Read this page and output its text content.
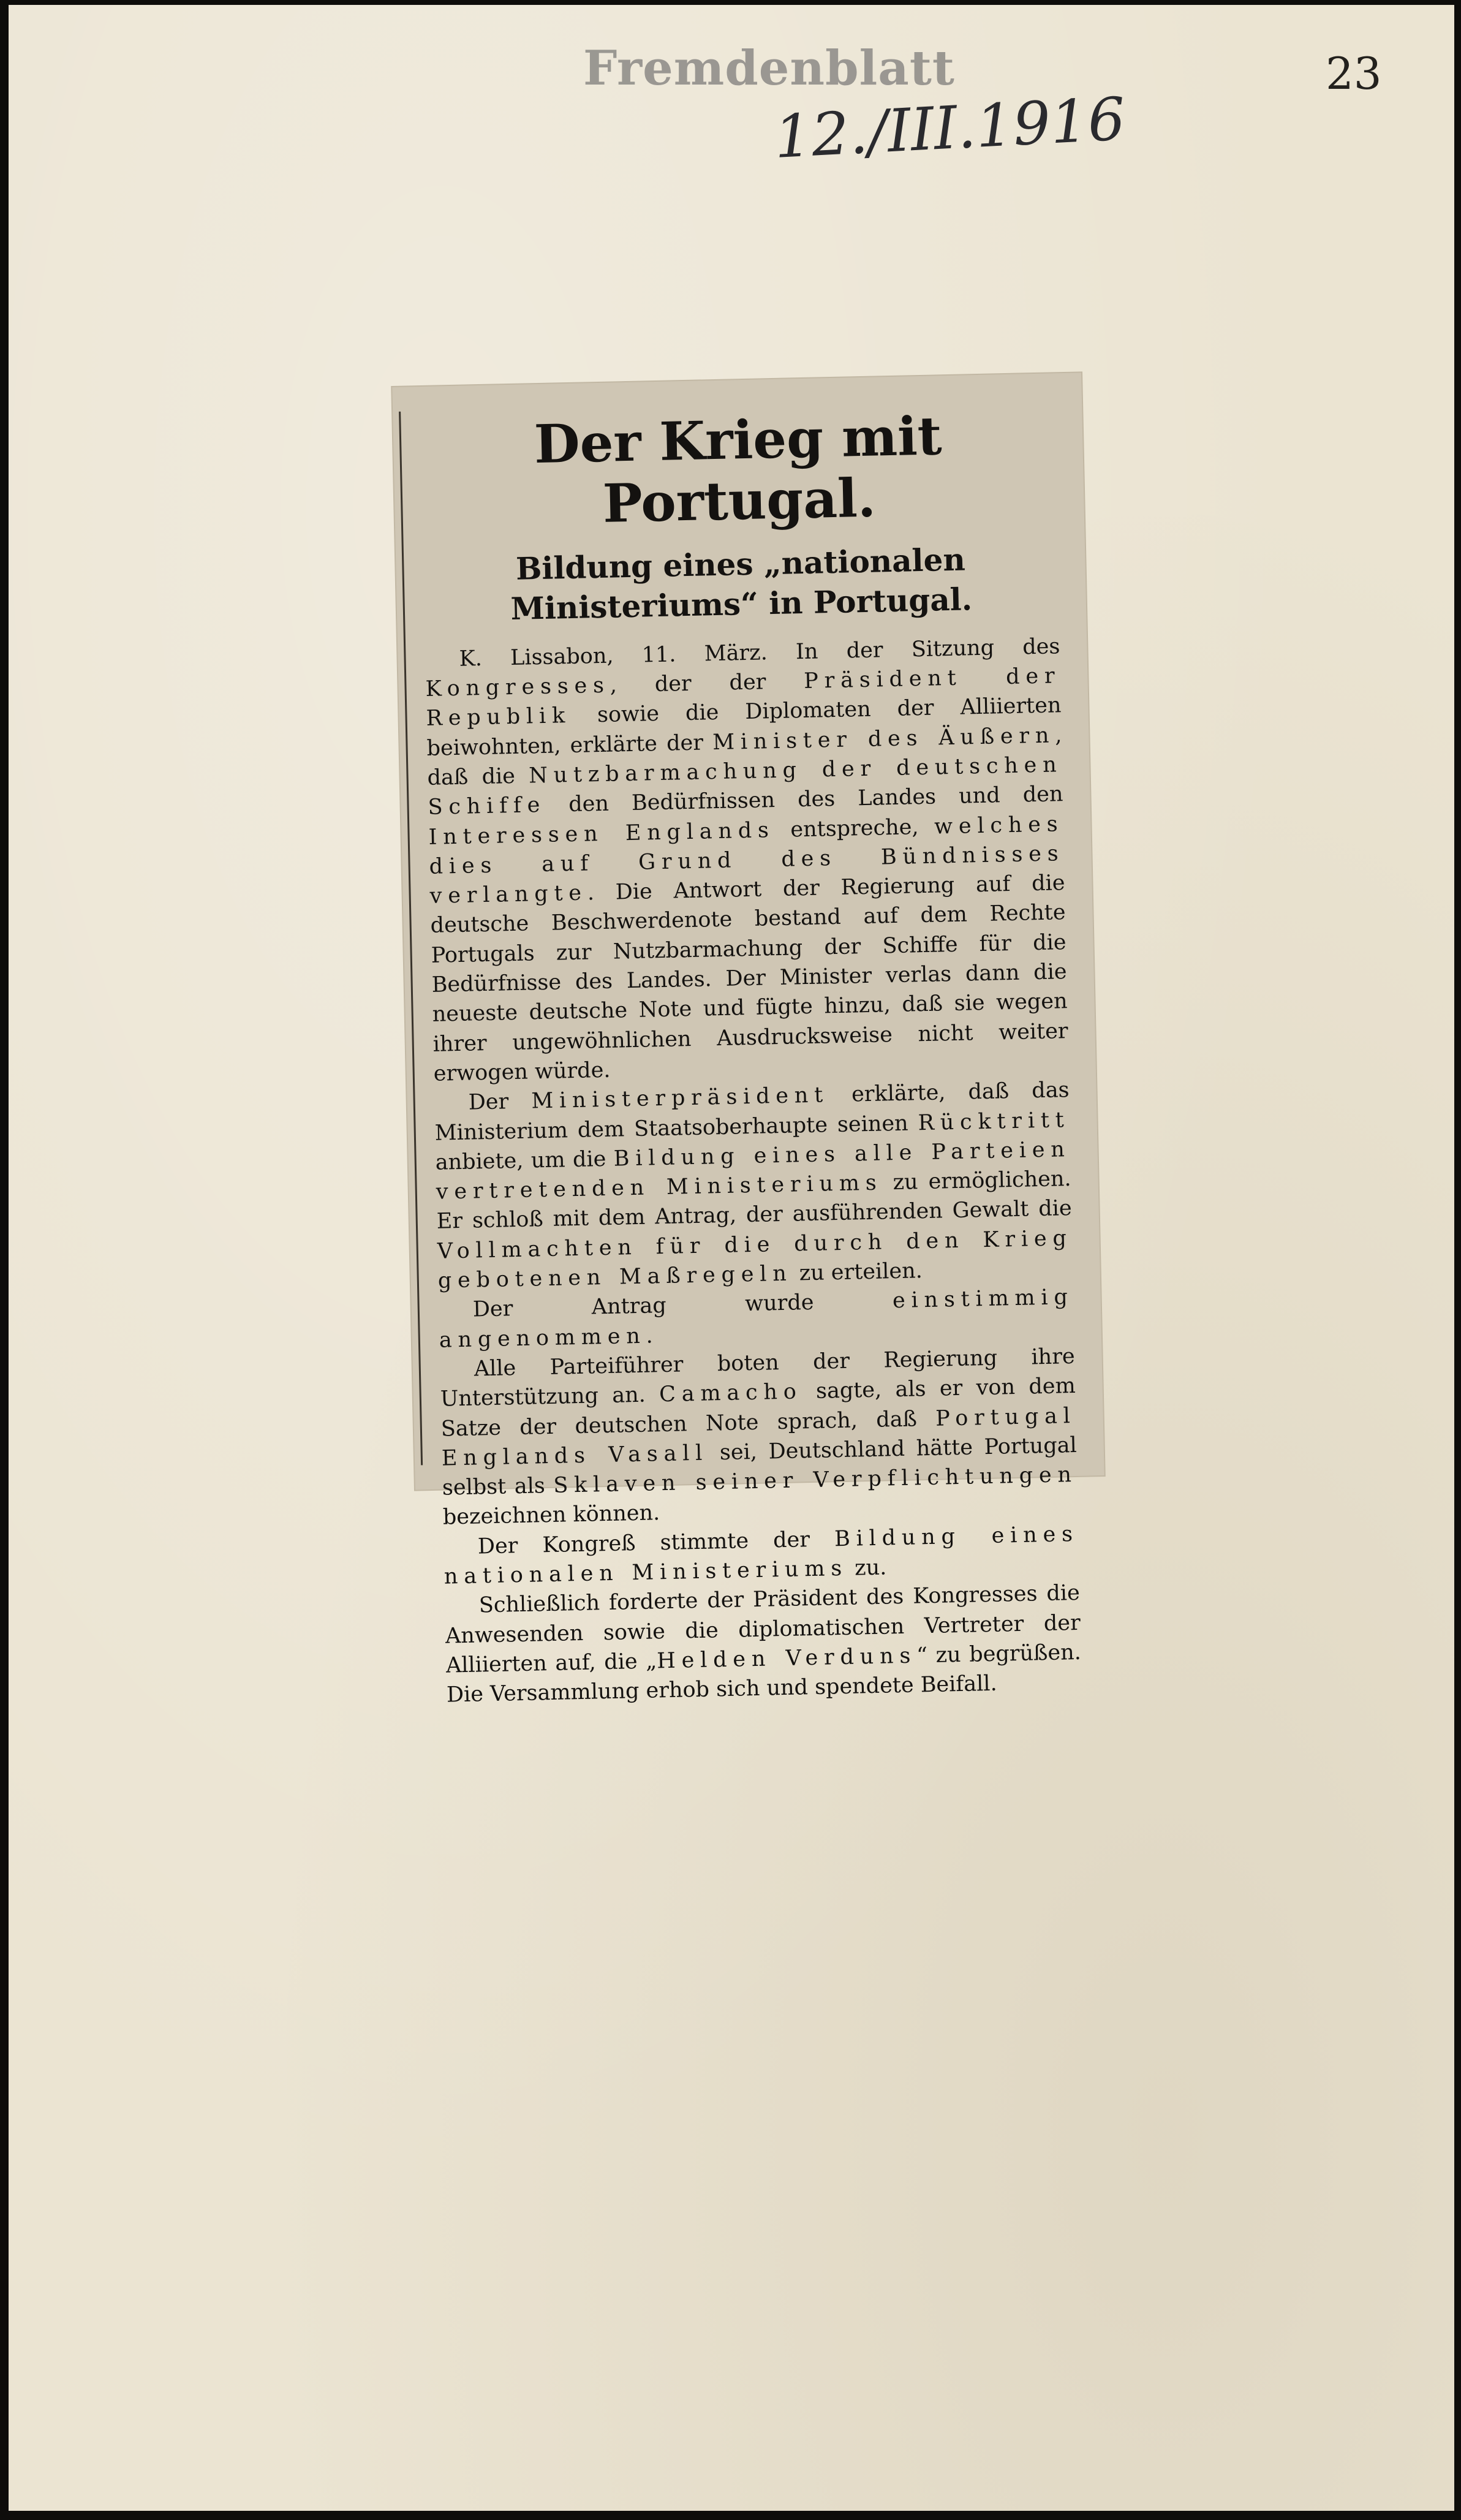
Fremdenblatt	23
12./III.1916
Der Krieg mit Portugal.
Bildung eines „nationalen Ministeriums“ in Portugal.

K. Lissabon, 11. März. In der Sitzung des Kongresses, der der Präsident der Republik sowie die Diplomaten der Alliierten beiwohnten, erklärte der Minister des Äußern, daß die Nutzbarmachung der deutschen Schiffe den Bedürfnissen des Landes und den Interessen Englands entspreche, welches dies auf Grund des Bündnisses verlangte. Die Antwort der Regierung auf die deutsche Beschwerdenote bestand auf dem Rechte Portugals zur Nutzbarmachung der Schiffe für die Bedürfnisse des Landes. Der Minister verlas dann die neueste deutsche Note und fügte hinzu, daß sie wegen ihrer ungewöhnlichen Ausdrucksweise nicht weiter erwogen würde.

Der Ministerpräsident erklärte, daß das Ministerium dem Staatsoberhaupte seinen Rücktritt anbiete, um die Bildung eines alle Parteien vertretenden Ministeriums zu ermöglichen. Er schloß mit dem Antrag, der ausführenden Gewalt die Vollmachten für die durch den Krieg gebotenen Maßregeln zu erteilen.

Der Antrag wurde einstimmig angenommen.

Alle Parteiführer boten der Regierung ihre Unterstützung an. Camacho sagte, als er von dem Satze der deutschen Note sprach, daß Portugal Englands Vasall sei, Deutschland hätte Portugal selbst als Sklaven seiner Verpflichtungen bezeichnen können.

Der Kongreß stimmte der Bildung eines nationalen Ministeriums zu.

Schließlich forderte der Präsident des Kongresses die Anwesenden sowie die diplomatischen Vertreter der Alliierten auf, die „Helden Verduns“ zu begrüßen. Die Versammlung erhob sich und spendete Beifall.
